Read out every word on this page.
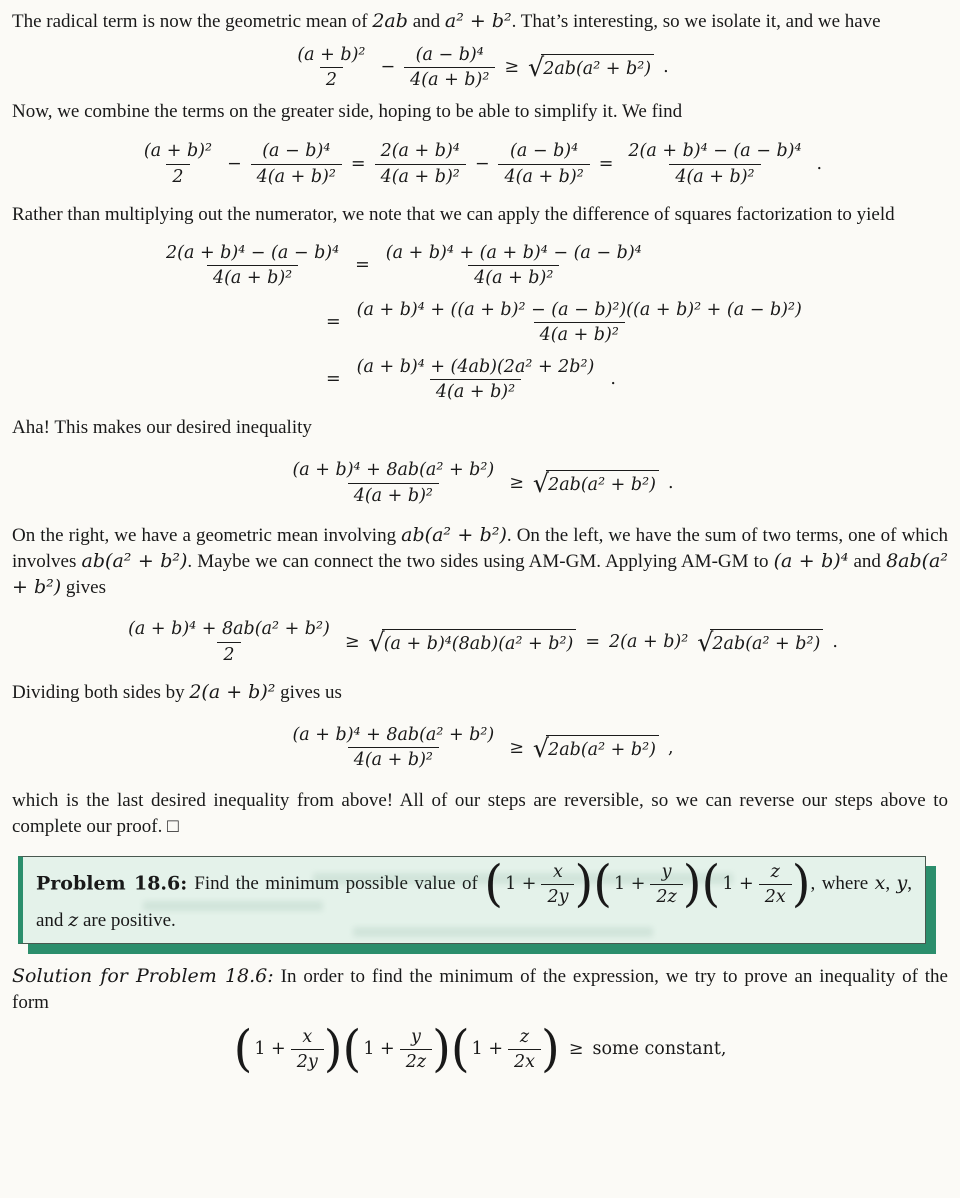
The radical term is now the geometric mean of 2ab and a² + b². That’s interesting, so we isolate it, and we have

$\frac{\text{(a + b)²}}{2} - \frac{\text{(a − b)⁴}}{\text{4(a + b)²}}$ ≥ √ 2ab(a² + b²) .

Now, we combine the terms on the greater side, hoping to be able to simplify it. We find

$\frac{\text{(a + b)²}}{2} - \frac{\text{(a − b)⁴}}{\text{4(a + b)²}} = \frac{\text{2(a + b)⁴}}{\text{4(a + b)²}} - \frac{\text{(a − b)⁴}}{\text{4(a + b)²}} = \frac{\text{2(a + b)⁴ − (a − b)⁴}}{\text{4(a + b)²}}$ .

Rather than multiplying out the numerator, we note that we can apply the difference of squares factorization to yield

$\frac{\text{2(a + b)⁴ − (a − b)⁴}}{\text{4(a + b)²}} = \frac{\text{(a + b)⁴ + (a + b)⁴ − (a − b)⁴}}{\text{4(a + b)²}}$
= $\frac{\text{(a + b)⁴ + ((a + b)² − (a − b)²)((a + b)² + (a − b)²)}}{\text{4(a + b)²}}$
= $\frac{\text{(a + b)⁴ + (4ab)(2a² + 2b²)}}{\text{4(a + b)²}}$ .

Aha! This makes our desired inequality

$\frac{\text{(a + b)⁴ + 8ab(a² + b²)}}{\text{4(a + b)²}}$ ≥ √ 2ab(a² + b²) .

On the right, we have a geometric mean involving ab(a² + b²). On the left, we have the sum of two terms, one of which involves ab(a² + b²). Maybe we can connect the two sides using AM-GM. Applying AM-GM to (a + b)⁴ and 8ab(a² + b²) gives

$\frac{\text{(a + b)⁴ + 8ab(a² + b²)}}{2}$ ≥ √ (a + b)⁴(8ab)(a² + b²) = 2(a + b)² √ 2ab(a² + b²) .

Dividing both sides by 2(a + b)² gives us

$\frac{\text{(a + b)⁴ + 8ab(a² + b²)}}{\text{4(a + b)²}}$ ≥ √ 2ab(a² + b²) ,

which is the last desired inequality from above! All of our steps are reversible, so we can reverse our steps above to complete our proof. □

Problem 18.6: Find the minimum possible value of ( $1 + \frac{x}{2y}$ ) ( $1 + \frac{y}{2z}$ ) ( $1 + \frac{z}{2x}$ ) , where x, y, and z are positive.

Solution for Problem 18.6: In order to find the minimum of the expression, we try to prove an inequality of the form

( $1 + \frac{x}{2y}$ ) ( $1 + \frac{y}{2z}$ ) ( $1 + \frac{z}{2x}$ ) ≥ some constant,
